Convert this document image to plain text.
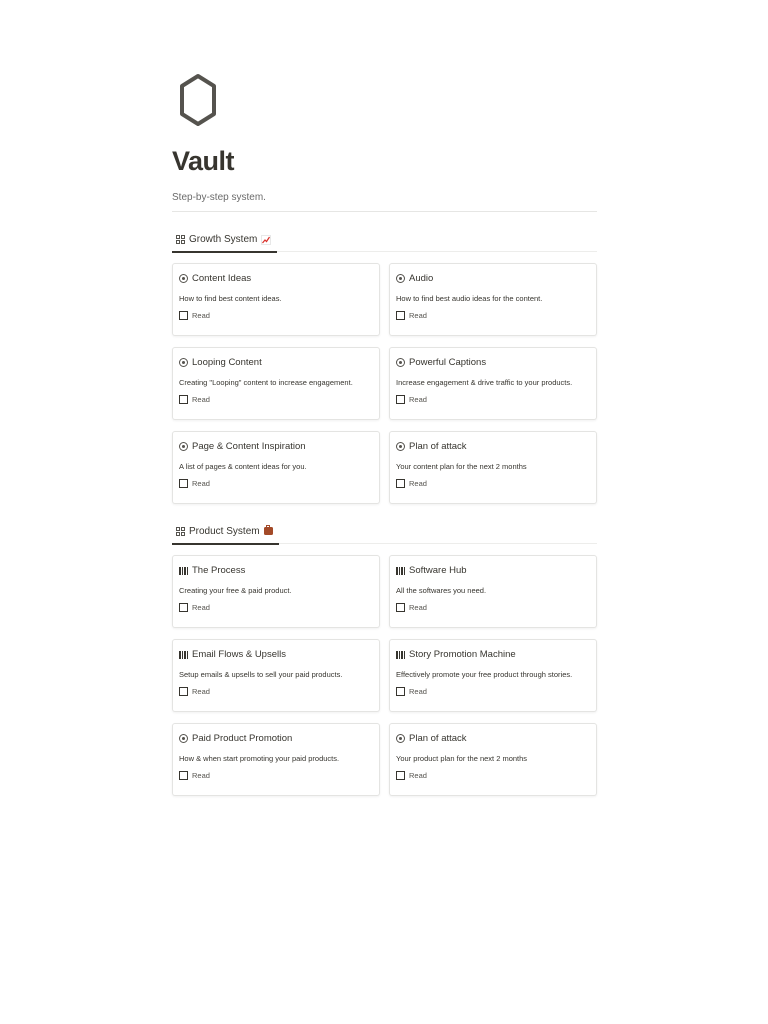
Vault
Step-by-step system.
Growth System
Content Ideas
How to find best content ideas.
Read
Audio
How to find best audio ideas for the content.
Read
Looping Content
Creating "Looping" content to increase engagement.
Read
Powerful Captions
Increase engagement & drive traffic to your products.
Read
Page & Content Inspiration
A list of pages & content ideas for you.
Read
Plan of attack
Your content plan for the next 2 months
Read
Product System
The Process
Creating your free & paid product.
Read
Software Hub
All the softwares you need.
Read
Email Flows & Upsells
Setup emails & upsells to sell your paid products.
Read
Story Promotion Machine
Effectively promote your free product through stories.
Read
Paid Product Promotion
How & when start promoting your paid products.
Read
Plan of attack
Your product plan for the next 2 months
Read
